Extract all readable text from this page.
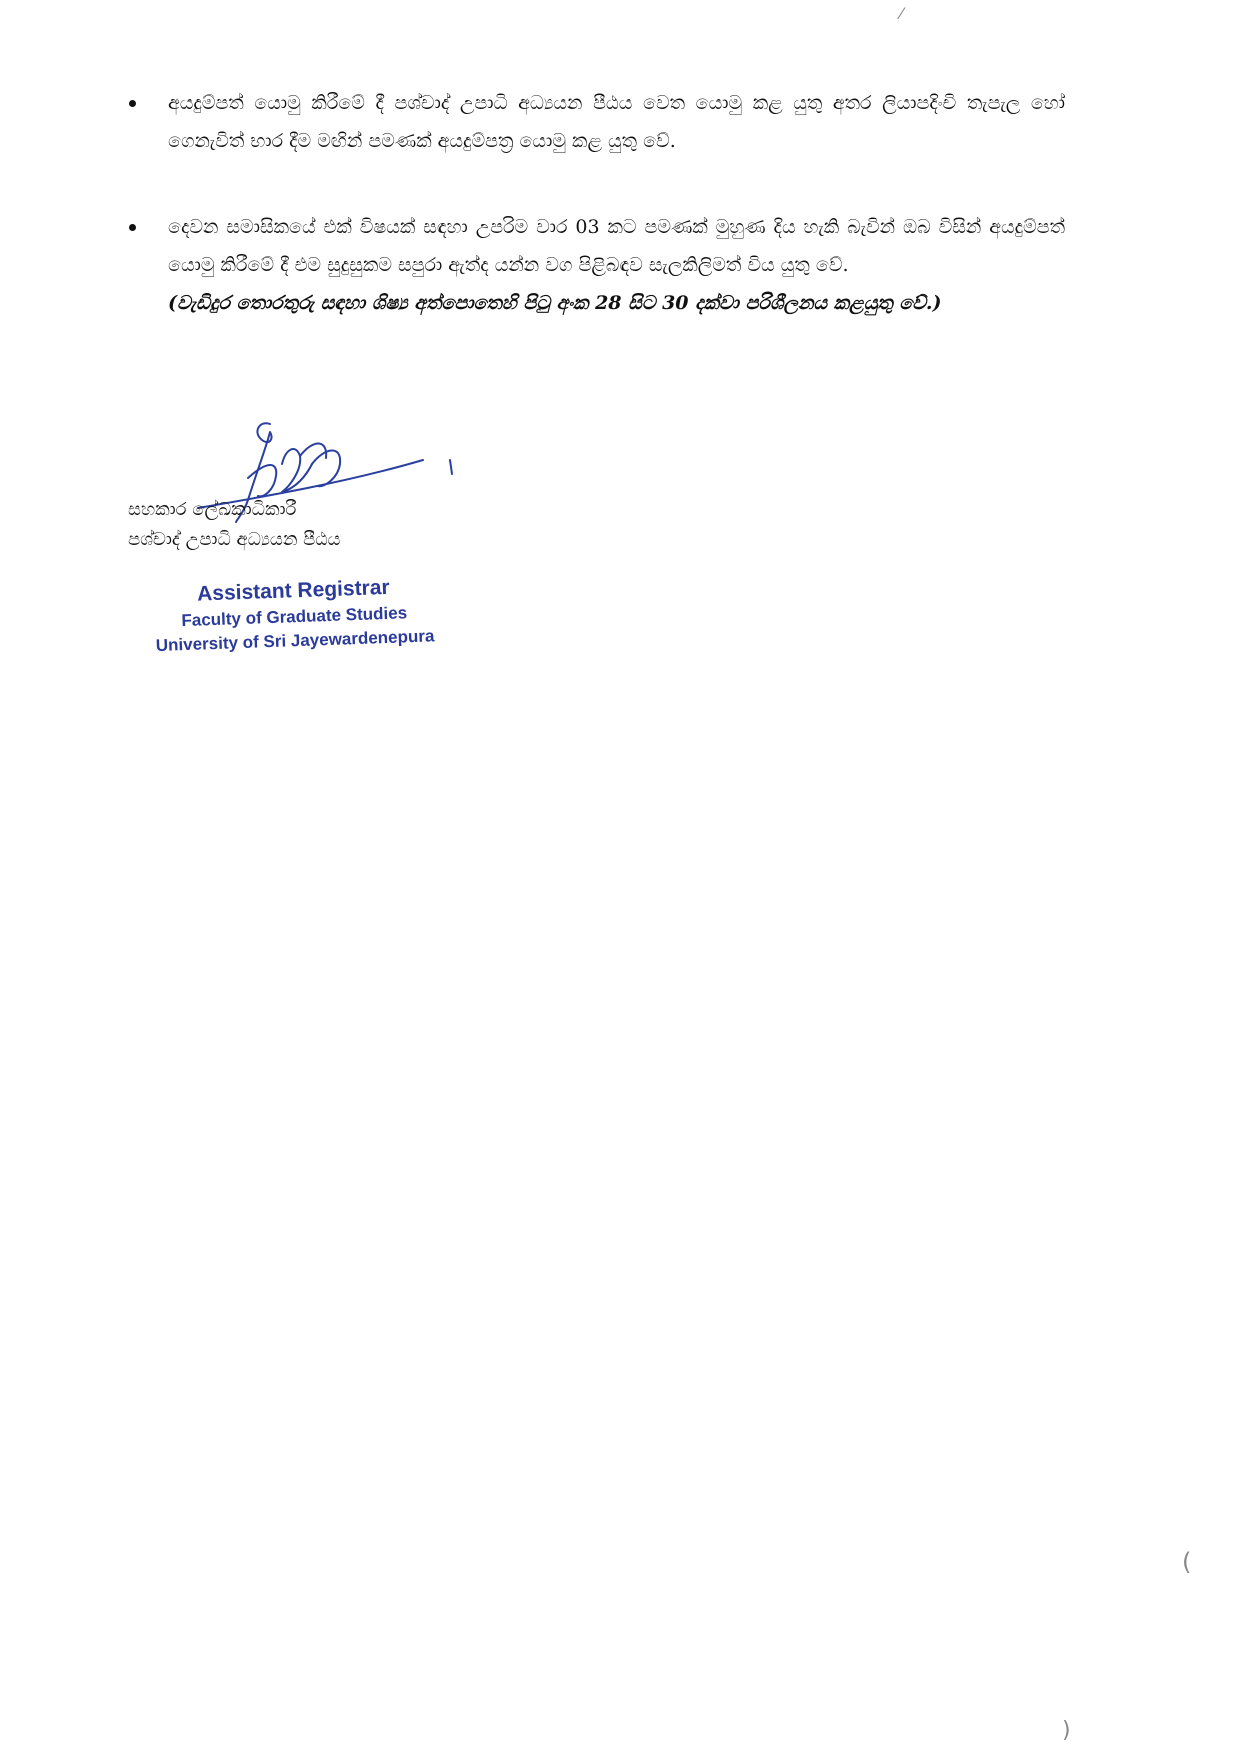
අයදුම්පත් යොමු කිරීමේ දී පශ්චාද් උපාධි අධ්‍යයන පීඨය වෙත යොමු කළ යුතු අතර ලියාපදිංචි තැපැල හෝ ගෙනැවිත් භාර දීම මඟින් පමණක් අයදුම්පත්‍ර යොමු කළ යුතු වේ.
දෙවන සමාසිකයේ එක් විෂයක් සඳහා උපරිම වාර 03 කට පමණක් මුහුණ දිය හැකි බැවින් ඔබ විසින් අයදුම්පත් යොමු කිරීමේ දී එම සුදුසුකම සපුරා ඇත්ද යන්න වග පිළිබඳව සැලකිලිමත් විය යුතු වේ.
(වැඩිදුර තොරතුරු සඳහා ශිෂ්‍ය අත්පොතෙහි පිටු අංක 28 සිට 30 දක්වා පරිශීලනය කළයුතු වේ.)
සහකාර ලේඛකාධිකාරී
පශ්චාද් උපාධි අධ්‍යයන පීඨය
Assistant Registrar
Faculty of Graduate Studies
University of Sri Jayewardenepura
⁄
(
)
